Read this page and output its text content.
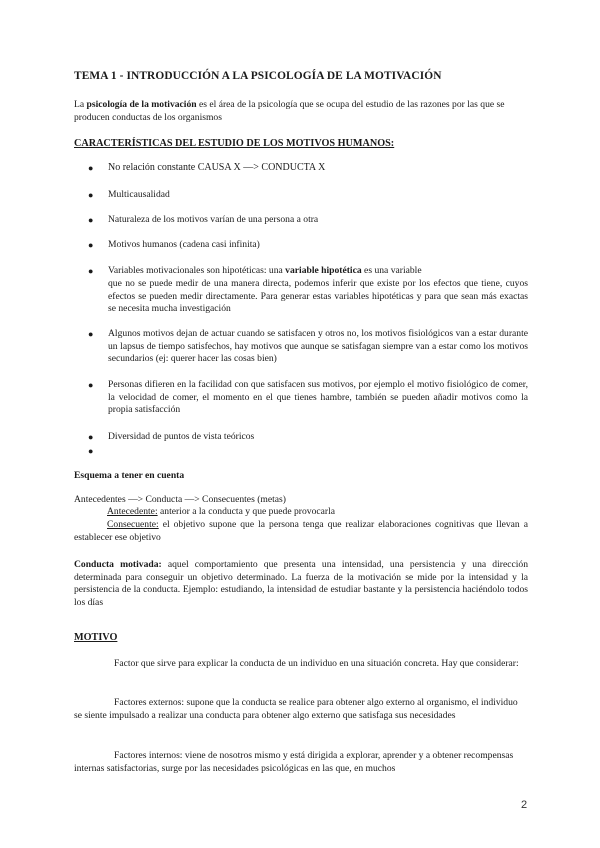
TEMA 1 - INTRODUCCIÓN A LA PSICOLOGÍA DE LA MOTIVACIÓN
La psicología de la motivación es el área de la psicología que se ocupa del estudio de las razones por las que se producen conductas de los organismos
CARACTERÍSTICAS DEL ESTUDIO DE LOS MOTIVOS HUMANOS:
● No relación constante CAUSA X —> CONDUCTA X
● Multicausalidad
● Naturaleza de los motivos varían de una persona a otra
● Motivos humanos (cadena casi infinita)
● Variables motivacionales son hipotéticas: una variable hipotética es una variable
que no se puede medir de una manera directa, podemos inferir que existe por los efectos que tiene, cuyos efectos se pueden medir directamente. Para generar estas variables hipotéticas y para que sean más exactas se necesita mucha investigación
● Algunos motivos dejan de actuar cuando se satisfacen y otros no, los motivos fisiológicos van a estar durante un lapsus de tiempo satisfechos, hay motivos que aunque se satisfagan siempre van a estar como los motivos secundarios (ej: querer hacer las cosas bien)
● Personas difieren en la facilidad con que satisfacen sus motivos, por ejemplo el motivo fisiológico de comer, la velocidad de comer, el momento en el que tienes hambre, también se pueden añadir motivos como la propia satisfacción
● Diversidad de puntos de vista teóricos
●
Esquema a tener en cuenta
Antecedentes —> Conducta —> Consecuentes (metas)
Antecedente: anterior a la conducta y que puede provocarla
Consecuente: el objetivo supone que la persona tenga que realizar elaboraciones cognitivas que llevan a establecer ese objetivo
Conducta motivada: aquel comportamiento que presenta una intensidad, una persistencia y una dirección determinada para conseguir un objetivo determinado. La fuerza de la motivación se mide por la intensidad y la persistencia de la conducta. Ejemplo: estudiando, la intensidad de estudiar bastante y la persistencia haciéndolo todos los días
MOTIVO
Factor que sirve para explicar la conducta de un individuo en una situación concreta. Hay que considerar:
Factores externos: supone que la conducta se realice para obtener algo externo al organismo, el individuo se siente impulsado a realizar una conducta para obtener algo externo que satisfaga sus necesidades
Factores internos: viene de nosotros mismo y está dirigida a explorar, aprender y a obtener recompensas internas satisfactorias, surge por las necesidades psicológicas en las que, en muchos
2
